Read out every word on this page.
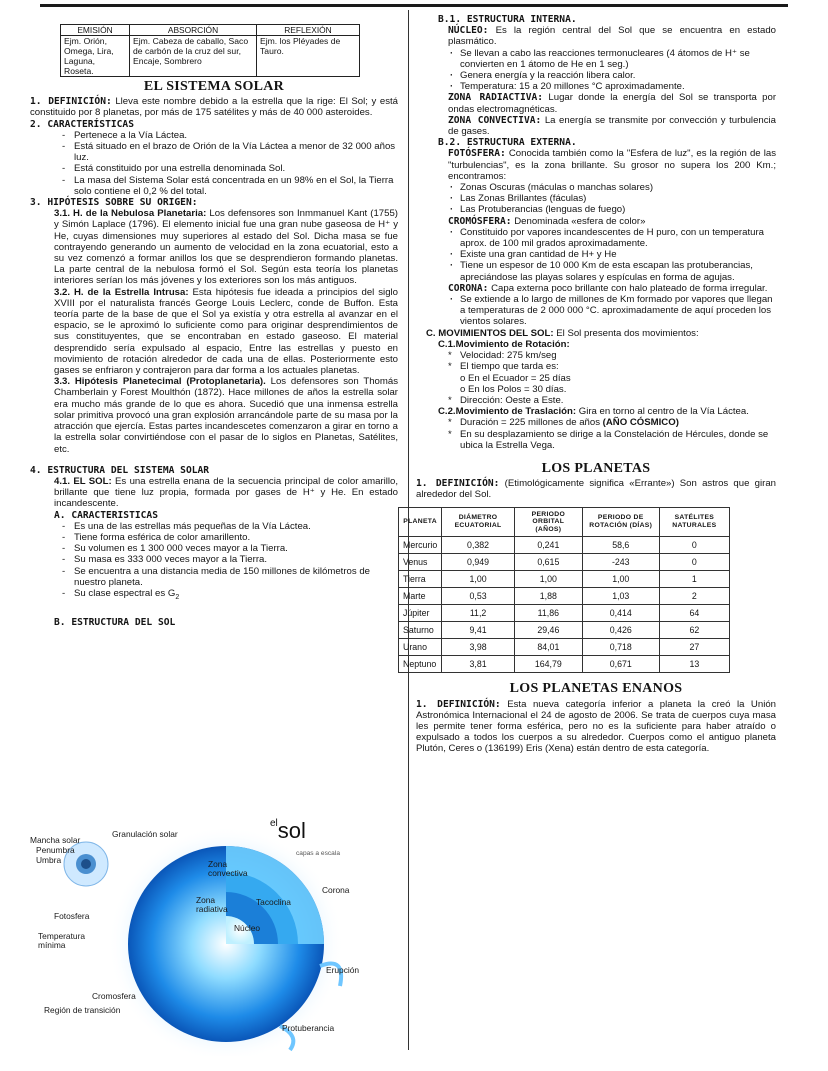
EMISIÓN	ABSORCIÓN	REFLEXIÓN
Ejm. Orión, Omega, Lira, Laguna, Roseta.	Ejm. Cabeza de caballo, Saco de carbón de la cruz del sur, Encaje, Sombrero	Ejm. los Pléyades de Tauro.
EL SISTEMA SOLAR

1. DEFINICIÓN: Lleva este nombre debido a la estrella que la rige: El Sol; y está constituido por 8 planetas, por más de 175 satélites y más de 40 000 asteroides.

2. CARACTERÍSTICAS
- Pertenece a la Vía Láctea.
- Está situado en el brazo de Orión de la Vía Láctea a menor de 32 000 años luz.
- Está constituido por una estrella denominada Sol.
- La masa del Sistema Solar está concentrada en un 98% en el Sol, la Tierra solo contiene el 0,2 % del total.
3. HIPÓTESIS SOBRE SU ORIGEN:

3.1. H. de la Nebulosa Planetaria: Los defensores son Inmmanuel Kant (1755) y Simón Laplace (1796). El elemento inicial fue una gran nube gaseosa de H⁺ y He, cuyas dimensiones muy superiores al estado del Sol. Dicha masa se fue contrayendo generando un aumento de velocidad en la zona ecuatorial, esto a su vez comenzó a formar anillos los que se desprendieron formando planetas. La parte central de la nebulosa formó el Sol. Según esta teoría los planetas interiores serían los más jóvenes y los exteriores son los más antiguos.

3.2. H. de la Estrella Intrusa: Esta hipótesis fue ideada a principios del siglo XVIII por el naturalista francés George Louis Leclerc, conde de Buffon. Esta teoría parte de la base de que el Sol ya existía y otra estrella al avanzar en el espacio, se le aproximó lo suficiente como para originar desprendimientos de sus constituyentes, que se encontraban en estado gaseoso. El material desprendido sería expulsado al espacio, Entre las estrellas y puesto en movimiento de rotación alrededor de cada una de ellas. Posteriormente esto gases se enfriaron y contrajeron para dar forma a los actuales planetas.

3.3. Hipótesis Planetecimal (Protoplanetaria). Los defensores son Thomás Chamberlain y Forest Moulthón (1872). Hace millones de años la estrella solar era mucho más grande de lo que es ahora. Sucedió que una inmensa estrella solar primitiva provocó una gran explosión arrancándole parte de su masa por la atracción que ejercía. Estas partes incandescetes comenzaron a girar en torno a la estrella solar convirtiéndose con el pasar de lo siglos en Planetas, Satélites, etc.

4. ESTRUCTURA DEL SISTEMA SOLAR

4.1. EL SOL: Es una estrella enana de la secuencia principal de color amarillo, brillante que tiene luz propia, formada por gases de H⁺ y He. En estado incandescente.

A. CARACTERISTICAS
- Es una de las estrellas más pequeñas de la Vía Láctea.
- Tiene forma esférica de color amarillento.
- Su volumen es 1 300 000 veces mayor a la Tierra.
- Su masa es 333 000 veces mayor a la Tierra.
- Se encuentra a una distancia media de 150 millones de kilómetros de nuestro planeta.
- Su clase espectral es $G_2$
B. ESTRUCTURA DEL SOL
$^{el}$sol
capas a escala
Mancha solar
Penumbra
Umbra
Granulación solar
Zona convectiva
Zona radiativa
Tacoclina
Corona
Núcleo
Fotosfera
Temperatura mínima
Erupción
Cromosfera
Región de transición
Protuberancia
B.1. ESTRUCTURA INTERNA.

NÚCLEO: Es la región central del Sol que se encuentra en estado plasmático.

· Se llevan a cabo las reacciones termonucleares (4 átomos de H⁺ se convierten en 1 átomo de He en 1 seg.)
· Genera energía y la reacción libera calor.
· Temperatura: 15 a 20 millones °C aproximadamente.

ZONA RADIACTIVA: Lugar donde la energía del Sol se transporta por ondas electromagnéticas.

ZONA CONVECTIVA: La energía se transmite por convección y turbulencia de gases.

B.2. ESTRUCTURA EXTERNA.

FOTÓSFERA: Conocida también como la "Esfera de luz", es la región de las "turbulencias", es la zona brillante. Su grosor no supera los 200 Km.; encontramos:

· Zonas Oscuras (máculas o manchas solares)
· Las Zonas Brillantes (fáculas)
· Las Protuberancias (lenguas de fuego)

CROMÓSFERA: Denominada «esfera de color»

· Constituido por vapores incandescentes de H puro, con un temperatura aprox. de 100 mil grados aproximadamente.
· Existe una gran cantidad de H+ y He
· Tiene un espesor de 10 000 Km de esta escapan las protuberancias, apreciándose las playas solares y espículas en forma de agujas.

CORONA: Capa externa poco brillante con halo plateado de forma irregular.

· Se extiende a lo largo de millones de Km formado por vapores que llegan a temperaturas de 2 000 000 °C. aproximadamente de aquí proceden los vientos solares.

C. MOVIMIENTOS DEL SOL: El Sol presenta dos movimientos:

C.1.Movimiento de Rotación:
* Velocidad: 275 km/seg
* El tiempo que tarda es:
o En el Ecuador = 25 días
o En los Polos = 30 días.
* Dirección: Oeste a Este.

C.2.Movimiento de Traslación: Gira en torno al centro de la Vía Láctea.

* Duración = 225 millones de años (AÑO CÓSMICO)
* En su desplazamiento se dirige a la Constelación de Hércules, donde se ubica la Estrella Vega.
LOS PLANETAS

1. DEFINICIÓN: (Etimológicamente significa «Errante») Son astros que giran alrededor del Sol.

PLANETA	DIÁMETRO ECUATORIAL	PERIODO ORBITAL (AÑOS)	PERIODO DE ROTACIÓN (DÍAS)	SATÉLITES NATURALES
Mercurio	0,382	0,241	58,6	0
Venus	0,949	0,615	-243	0
Tierra	1,00	1,00	1,00	1
Marte	0,53	1,88	1,03	2
Júpiter	11,2	11,86	0,414	64
Saturno	9,41	29,46	0,426	62
Urano	3,98	84,01	0,718	27
Neptuno	3,81	164,79	0,671	13
LOS PLANETAS ENANOS

1. DEFINICIÓN: Esta nueva categoría inferior a planeta la creó la Unión Astronómica Internacional el 24 de agosto de 2006. Se trata de cuerpos cuya masa les permite tener forma esférica, pero no es la suficiente para haber atraído o expulsado a todos los cuerpos a su alrededor. Cuerpos como el antiguo planeta Plutón, Ceres o (136199) Eris (Xena) están dentro de esta categoría.
